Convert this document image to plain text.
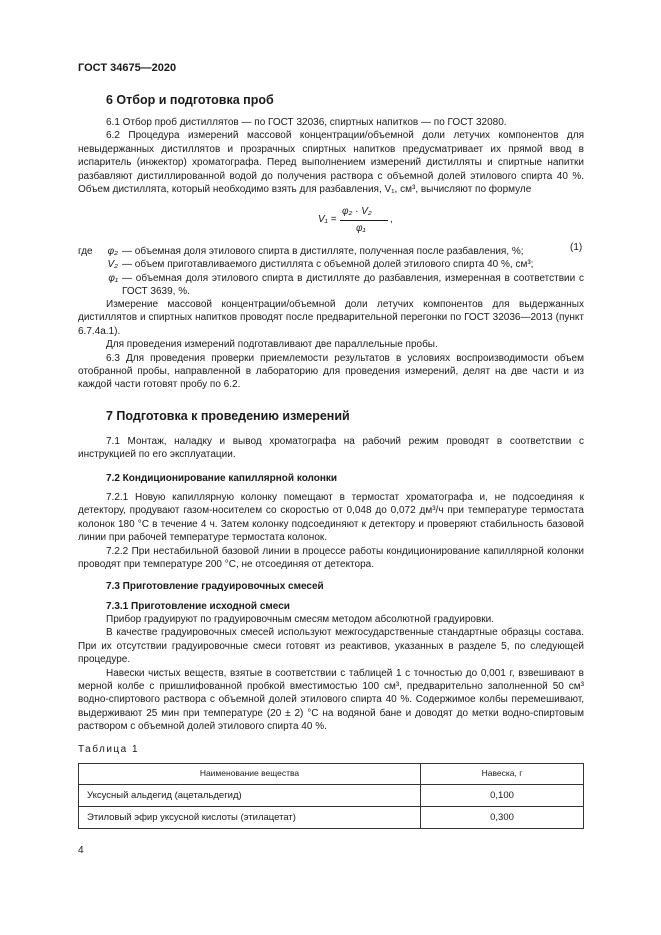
ГОСТ 34675—2020
6 Отбор и подготовка проб

6.1 Отбор проб дистиллятов — по ГОСТ 32036, спиртных напитков — по ГОСТ 32080.

6.2 Процедура измерений массовой концентрации/объемной доли летучих компонентов для невыдержанных дистиллятов и прозрачных спиртных напитков предусматривает их прямой ввод в испаритель (инжектор) хроматографа. Перед выполнением измерений дистилляты и спиртные напитки разбавляют дистиллированной водой до получения раствора с объемной долей этилового спирта 40 %. Объем дистиллята, который необходимо взять для разбавления, V₁, см³, вычисляют по формуле

V₁ =
φ₂ · V₂
φ₁
,
(1)
где	φ₂ — объемная доля этилового спирта в дистилляте, полученная после разбавления, %;
V₂ — объем приготавливаемого дистиллята с объемной долей этилового спирта 40 %, см³;
φ₁ — объемная доля этилового спирта в дистилляте до разбавления, измеренная в соответствии с ГОСТ 3639, %.

Измерение массовой концентрации/объемной доли летучих компонентов для выдержанных дистиллятов и спиртных напитков проводят после предварительной перегонки по ГОСТ 32036—2013 (пункт 6.7.4а.1).

Для проведения измерений подготавливают две параллельные пробы.

6.3 Для проведения проверки приемлемости результатов в условиях воспроизводимости объем отобранной пробы, направленной в лабораторию для проведения измерений, делят на две части и из каждой части готовят пробу по 6.2.

7 Подготовка к проведению измерений

7.1 Монтаж, наладку и вывод хроматографа на рабочий режим проводят в соответствии с инструкцией по его эксплуатации.

7.2 Кондиционирование капиллярной колонки

7.2.1 Новую капиллярную колонку помещают в термостат хроматографа и, не подсоединяя к детектору, продувают газом-носителем со скоростью от 0,048 до 0,072 дм³/ч при температуре термостата колонок 180 °С в течение 4 ч. Затем колонку подсоединяют к детектору и проверяют стабильность базовой линии при рабочей температуре термостата колонок.

7.2.2 При нестабильной базовой линии в процессе работы кондиционирование капиллярной колонки проводят при температуре 200 °С, не отсоединяя от детектора.

7.3 Приготовление градуировочных смесей
7.3.1 Приготовление исходной смеси

Прибор градуируют по градуировочным смесям методом абсолютной градуировки.

В качестве градуировочных смесей используют межгосударственные стандартные образцы состава. При их отсутствии градуировочные смеси готовят из реактивов, указанных в разделе 5, по следующей процедуре.

Навески чистых веществ, взятые в соответствии с таблицей 1 с точностью до 0,001 г, взвешивают в мерной колбе с пришлифованной пробкой вместимостью 100 см³, предварительно заполненной 50 см³ водно-спиртового раствора с объемной долей этилового спирта 40 %. Содержимое колбы перемешивают, выдерживают 25 мин при температуре (20 ± 2) °С на водяной бане и доводят до метки водно-спиртовым раствором с объемной долей этилового спирта 40 %.

Таблица 1
Наименование вещества	Навеска, г
Уксусный альдегид (ацетальдегид)	0,100
Этиловый эфир уксусной кислоты (этилацетат)	0,300
4
